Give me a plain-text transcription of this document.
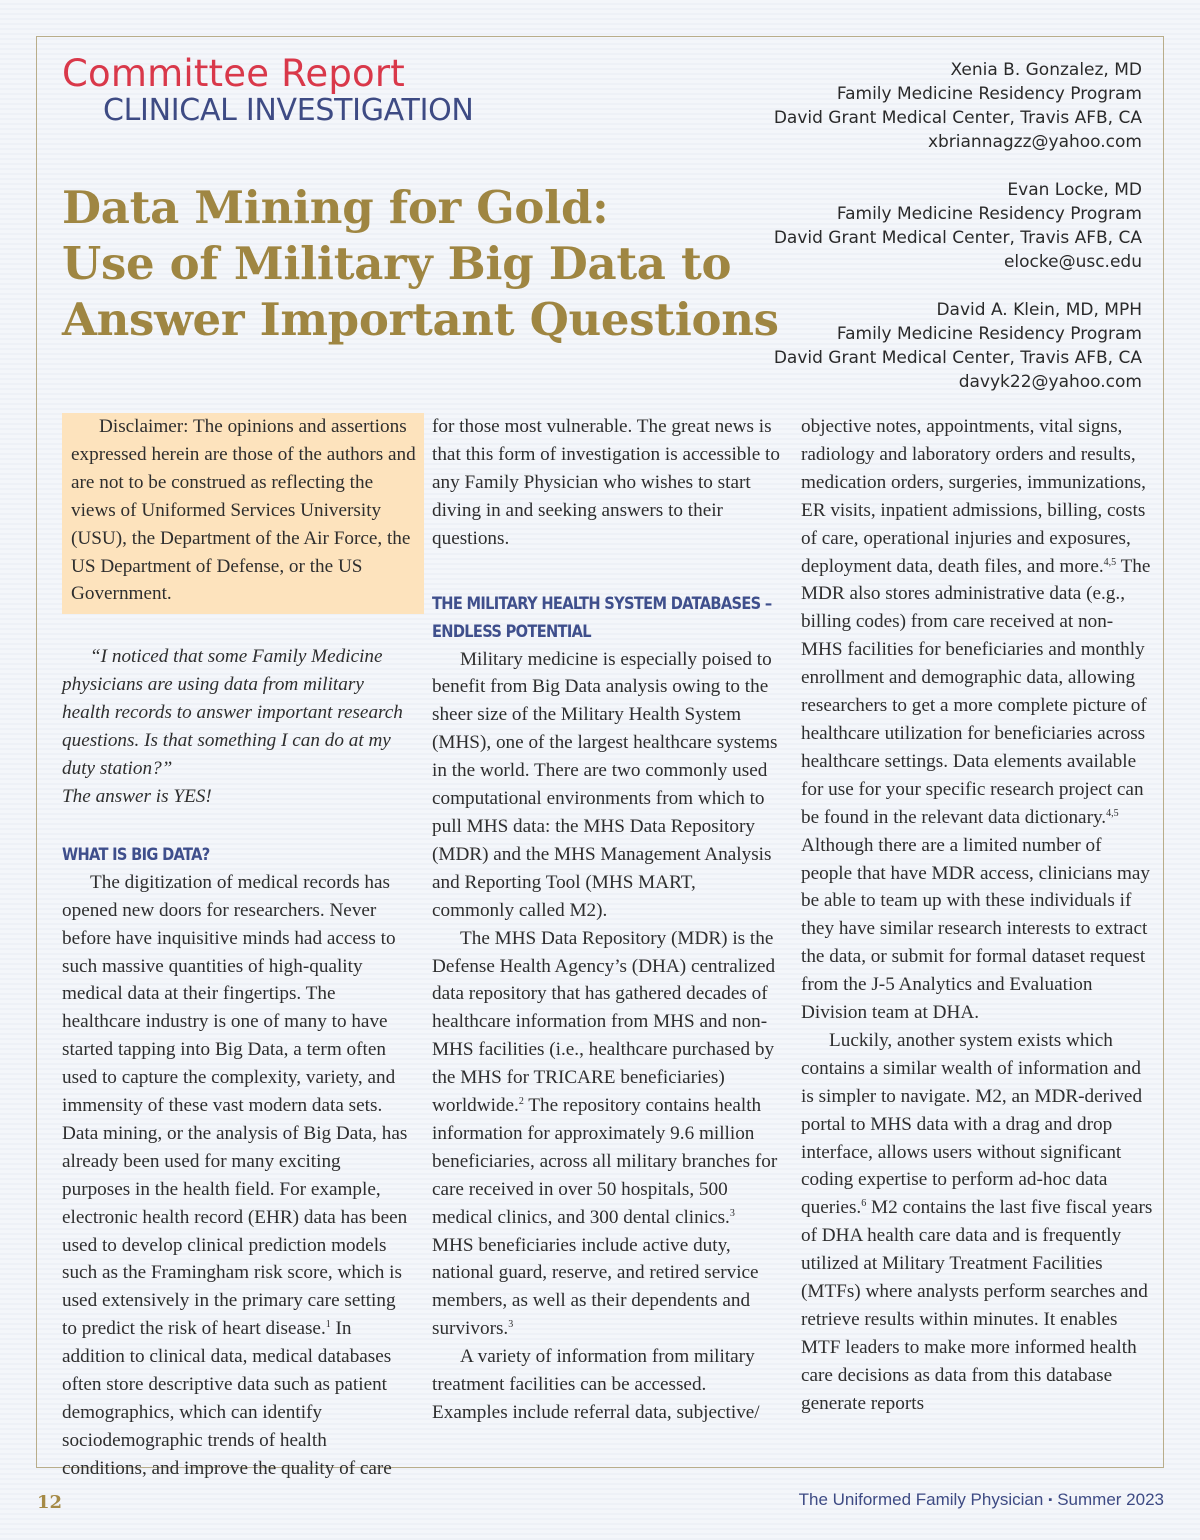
Committee Report
CLINICAL INVESTIGATION
Data Mining for Gold:
Use of Military Big Data to
Answer Important Questions
Xenia B. Gonzalez, MD
Family Medicine Residency Program
David Grant Medical Center, Travis AFB, CA
xbriannagzz@yahoo.com
Evan Locke, MD
Family Medicine Residency Program
David Grant Medical Center, Travis AFB, CA
elocke@usc.edu
David A. Klein, MD, MPH
Family Medicine Residency Program
David Grant Medical Center, Travis AFB, CA
davyk22@yahoo.com

Disclaimer: The opinions and assertions expressed herein are those of the authors and are not to be construed as reflecting the views of Uniformed Services University (USU), the Department of the Air Force, the US Department of Defense, or the US Government.

“I noticed that some Family Medicine physicians are using data from military health records to answer important research questions. Is that something I can do at my duty station?”

The answer is YES!

WHAT IS BIG DATA?

The digitization of medical records has opened new doors for researchers. Never before have inquisitive minds had access to such massive quantities of high-quality medical data at their fingertips. The healthcare industry is one of many to have started tapping into Big Data, a term often used to capture the complexity, variety, and immensity of these vast modern data sets. Data mining, or the analysis of Big Data, has already been used for many exciting purposes in the health field. For example, electronic health record (EHR) data has been used to develop clinical prediction models such as the Framingham risk score, which is used extensively in the primary care setting to predict the risk of heart disease.$^1$ In addition to clinical data, medical databases often store descriptive data such as patient demographics, which can identify sociodemographic trends of health conditions, and improve the quality of care

for those most vulnerable. The great news is that this form of investigation is accessible to any Family Physician who wishes to start diving in and seeking answers to their questions.

THE MILITARY HEALTH SYSTEM DATABASES –
ENDLESS POTENTIAL

Military medicine is especially poised to benefit from Big Data analysis owing to the sheer size of the Military Health System (MHS), one of the largest healthcare systems in the world. There are two commonly used computational environments from which to pull MHS data: the MHS Data Repository (MDR) and the MHS Management Analysis and Reporting Tool (MHS MART, commonly called M2).

The MHS Data Repository (MDR) is the Defense Health Agency’s (DHA) centralized data repository that has gathered decades of healthcare information from MHS and non-MHS facilities (i.e., healthcare purchased by the MHS for TRICARE beneficiaries) worldwide.$^2$ The repository contains health information for approximately 9.6 million beneficiaries, across all military branches for care received in over 50 hospitals, 500 medical clinics, and 300 dental clinics.$^3$ MHS beneficiaries include active duty, national guard, reserve, and retired service members, as well as their dependents and survivors.$^3$

A variety of information from military treatment facilities can be accessed. Examples include referral data, subjective/

objective notes, appointments, vital signs, radiology and laboratory orders and results, medication orders, surgeries, immunizations, ER visits, inpatient admissions, billing, costs of care, operational injuries and exposures, deployment data, death files, and more.$^{4,5}$ The MDR also stores administrative data (e.g., billing codes) from care received at non-MHS facilities for beneficiaries and monthly enrollment and demographic data, allowing researchers to get a more complete picture of healthcare utilization for beneficiaries across healthcare settings. Data elements available for use for your specific research project can be found in the relevant data dictionary.$^{4,5}$ Although there are a limited number of people that have MDR access, clinicians may be able to team up with these individuals if they have similar research interests to extract the data, or submit for formal dataset request from the J-5 Analytics and Evaluation Division team at DHA.

Luckily, another system exists which contains a similar wealth of information and is simpler to navigate. M2, an MDR-derived portal to MHS data with a drag and drop interface, allows users without significant coding expertise to perform ad-hoc data queries.$^6$ M2 contains the last five fiscal years of DHA health care data and is frequently utilized at Military Treatment Facilities (MTFs) where analysts perform searches and retrieve results within minutes. It enables MTF leaders to make more informed health care decisions as data from this database generate reports

12	The Uniformed Family Physician ▪ Summer 2023
